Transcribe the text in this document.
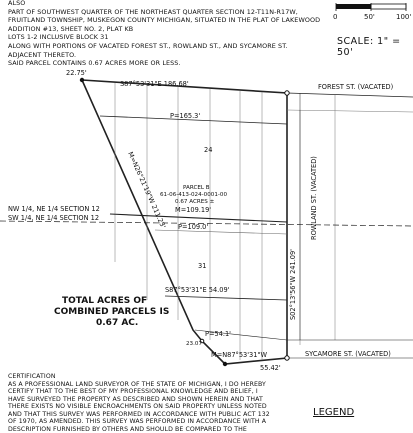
ALSO
PART OF SOUTHWEST QUARTER OF THE NORTHEAST QUARTER SECTION 12-T11N-R17W,
FRUITLAND TOWNSHIP, MUSKEGON COUNTY MICHIGAN, SITUATED IN THE PLAT OF LAKEWOOD
ADDITION #13, SHEET NO. 2, PLAT KB
LOTS 1-2 INCLUSIVE BLOCK 31
ALONG WITH PORTIONS OF VACATED FOREST ST., ROWLAND ST., AND SYCAMORE ST.
ADJACENT THERETO.
SAID PARCEL CONTAINS 0.67 ACRES MORE OR LESS.
0	50'	100'
SCALE: 1" = 50'
22.75'
S87°53'31"E 186.68'	FOREST ST. (VACATED)
P=165.3'
24
PARCEL B
61-06-413-024-0001-00
0.67 ACRES ±
M=109.19'
P=109.0'
NW 1/4, NE 1/4 SECTION 12
SW 1/4, NE 1/4 SECTION 12
31
S87°53'31"E 54.09'
P=54.1'
23.07
M=N87°53'31"W
55.42'
SYCAMORE ST. (VACATED)
S02°13'56"W 241.09'
ROWLAND ST. (VACATED)
M=N26°21'19"W 211.23'
TOTAL ACRES OF
COMBINED PARCELS IS
0.67 AC.
CERTIFICATION
AS A PROFESSIONAL LAND SURVEYOR OF THE STATE OF MICHIGAN, I DO HEREBY
CERTIFY THAT TO THE BEST OF MY PROFESSIONAL KNOWLEDGE AND BELIEF, I
HAVE SURVEYED THE PROPERTY AS DESCRIBED AND SHOWN HEREIN AND THAT
THERE EXISTS NO VISIBLE ENCROACHMENTS ON SAID PROPERTY UNLESS NOTED
AND THAT THIS SURVEY WAS PERFORMED IN ACCORDANCE WITH PUBLIC ACT 132
OF 1970, AS AMENDED. THIS SURVEY WAS PERFORMED IN ACCORDANCE WITH A
DESCRIPTION FURNISHED BY OTHERS AND SHOULD BE COMPARED TO THE
LEGEND
